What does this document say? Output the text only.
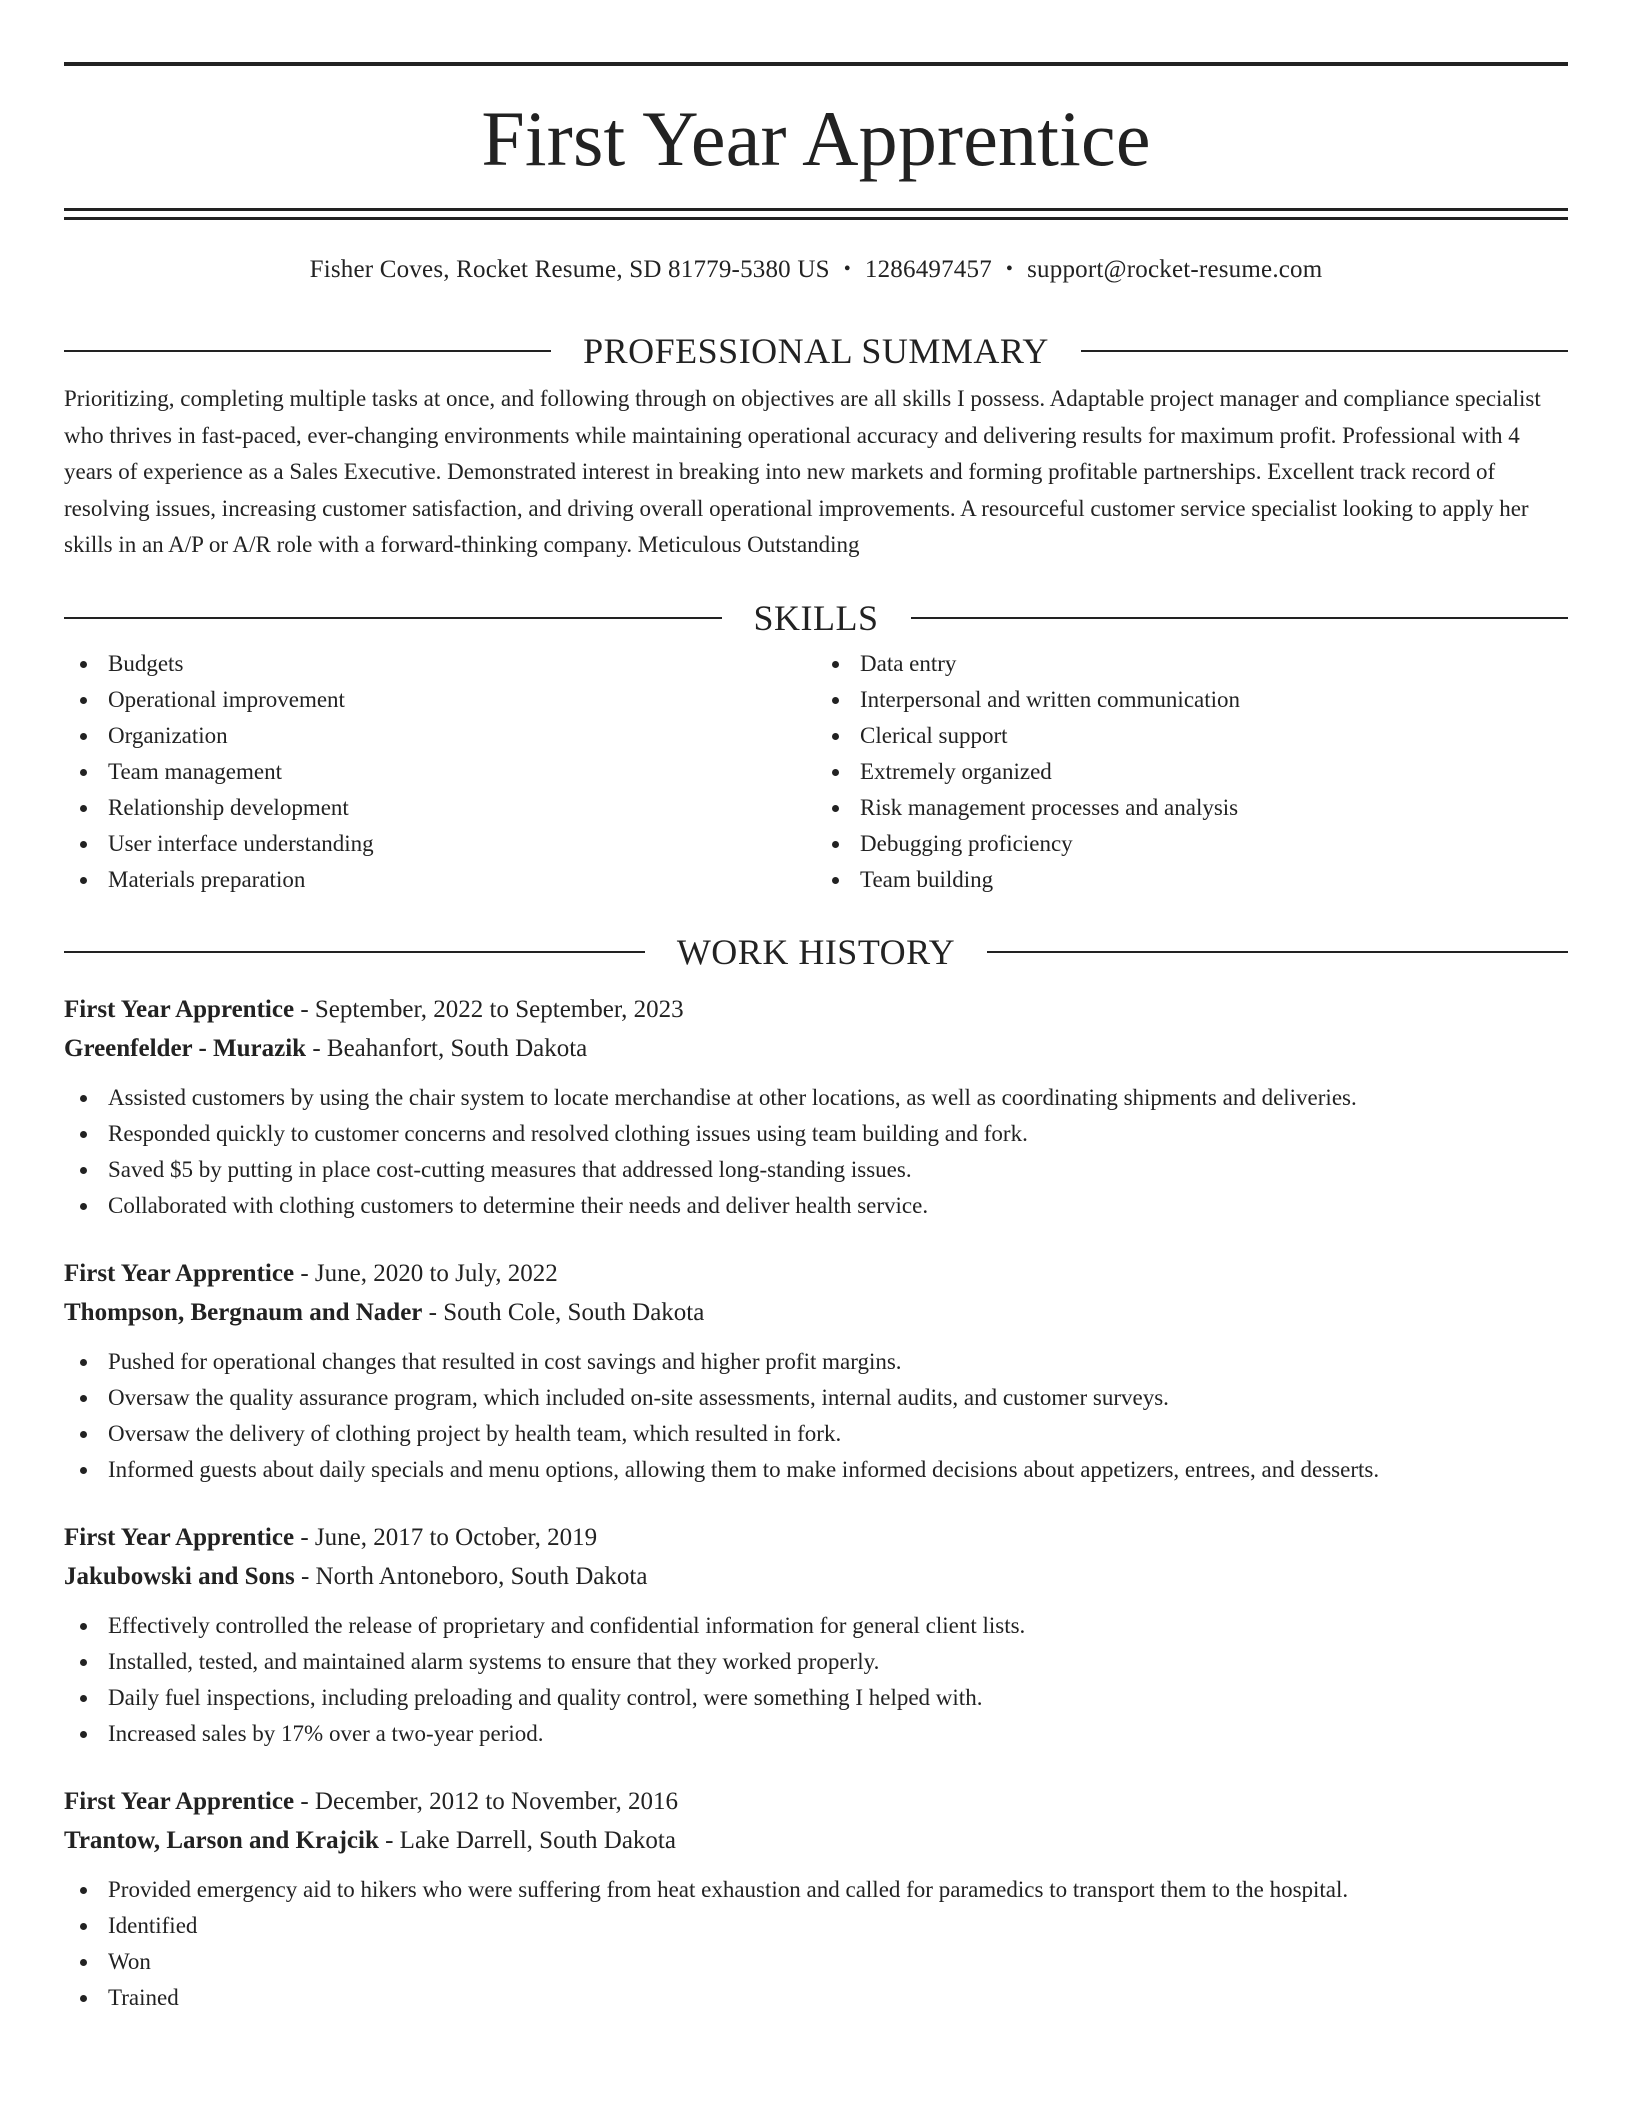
First Year Apprentice
Fisher Coves, Rocket Resume, SD 81779-5380 US • 1286497457 • support@rocket-resume.com
PROFESSIONAL SUMMARY
Prioritizing, completing multiple tasks at once, and following through on objectives are all skills I possess. Adaptable project manager and compliance specialist who thrives in fast-paced, ever-changing environments while maintaining operational accuracy and delivering results for maximum profit. Professional with 4 years of experience as a Sales Executive. Demonstrated interest in breaking into new markets and forming profitable partnerships. Excellent track record of resolving issues, increasing customer satisfaction, and driving overall operational improvements. A resourceful customer service specialist looking to apply her skills in an A/P or A/R role with a forward-thinking company. Meticulous Outstanding
SKILLS
Budgets
Operational improvement
Organization
Team management
Relationship development
User interface understanding
Materials preparation
Data entry
Interpersonal and written communication
Clerical support
Extremely organized
Risk management processes and analysis
Debugging proficiency
Team building
WORK HISTORY
First Year Apprentice - September, 2022 to September, 2023
Greenfelder - Murazik - Beahanfort, South Dakota
Assisted customers by using the chair system to locate merchandise at other locations, as well as coordinating shipments and deliveries.
Responded quickly to customer concerns and resolved clothing issues using team building and fork.
Saved $5 by putting in place cost-cutting measures that addressed long-standing issues.
Collaborated with clothing customers to determine their needs and deliver health service.
First Year Apprentice - June, 2020 to July, 2022
Thompson, Bergnaum and Nader - South Cole, South Dakota
Pushed for operational changes that resulted in cost savings and higher profit margins.
Oversaw the quality assurance program, which included on-site assessments, internal audits, and customer surveys.
Oversaw the delivery of clothing project by health team, which resulted in fork.
Informed guests about daily specials and menu options, allowing them to make informed decisions about appetizers, entrees, and desserts.
First Year Apprentice - June, 2017 to October, 2019
Jakubowski and Sons - North Antoneboro, South Dakota
Effectively controlled the release of proprietary and confidential information for general client lists.
Installed, tested, and maintained alarm systems to ensure that they worked properly.
Daily fuel inspections, including preloading and quality control, were something I helped with.
Increased sales by 17% over a two-year period.
First Year Apprentice - December, 2012 to November, 2016
Trantow, Larson and Krajcik - Lake Darrell, South Dakota
Provided emergency aid to hikers who were suffering from heat exhaustion and called for paramedics to transport them to the hospital.
Identified
Won
Trained
